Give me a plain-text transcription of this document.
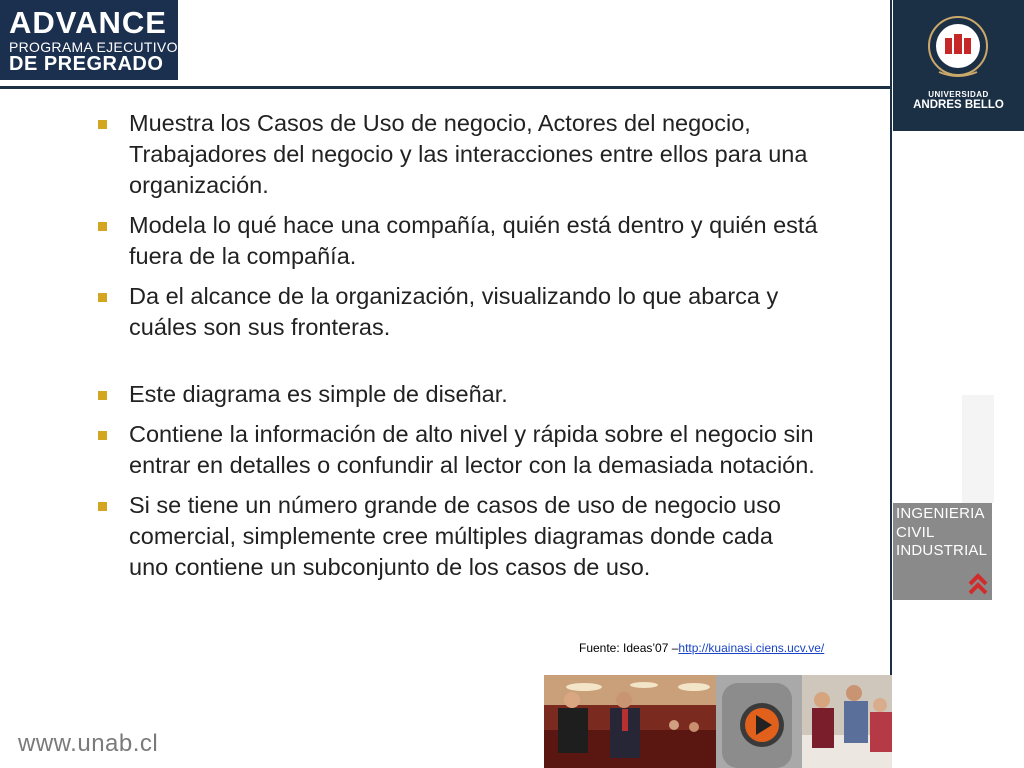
ADVANCE
PROGRAMA EJECUTIVO
DE PREGRADO
Muestra los Casos de Uso de negocio, Actores del negocio, Trabajadores del negocio y las interacciones entre ellos para una organización.
Modela lo qué hace una compañía, quién está dentro y quién está fuera de la compañía.
Da el alcance de la organización, visualizando lo que abarca y cuáles son sus fronteras.
Este diagrama es simple de diseñar.
Contiene la información de alto nivel y rápida sobre el negocio sin entrar en detalles o confundir al lector con la demasiada notación.
Si se tiene un número grande de casos de uso de negocio uso comercial, simplemente cree múltiples diagramas donde cada uno contiene un subconjunto de los casos de uso.
Fuente: Ideas’07 –http://kuainasi.ciens.ucv.ve/
www.unab.cl
UNIVERSIDAD
ANDRES BELLO
INGENIERIA
CIVIL
INDUSTRIAL
